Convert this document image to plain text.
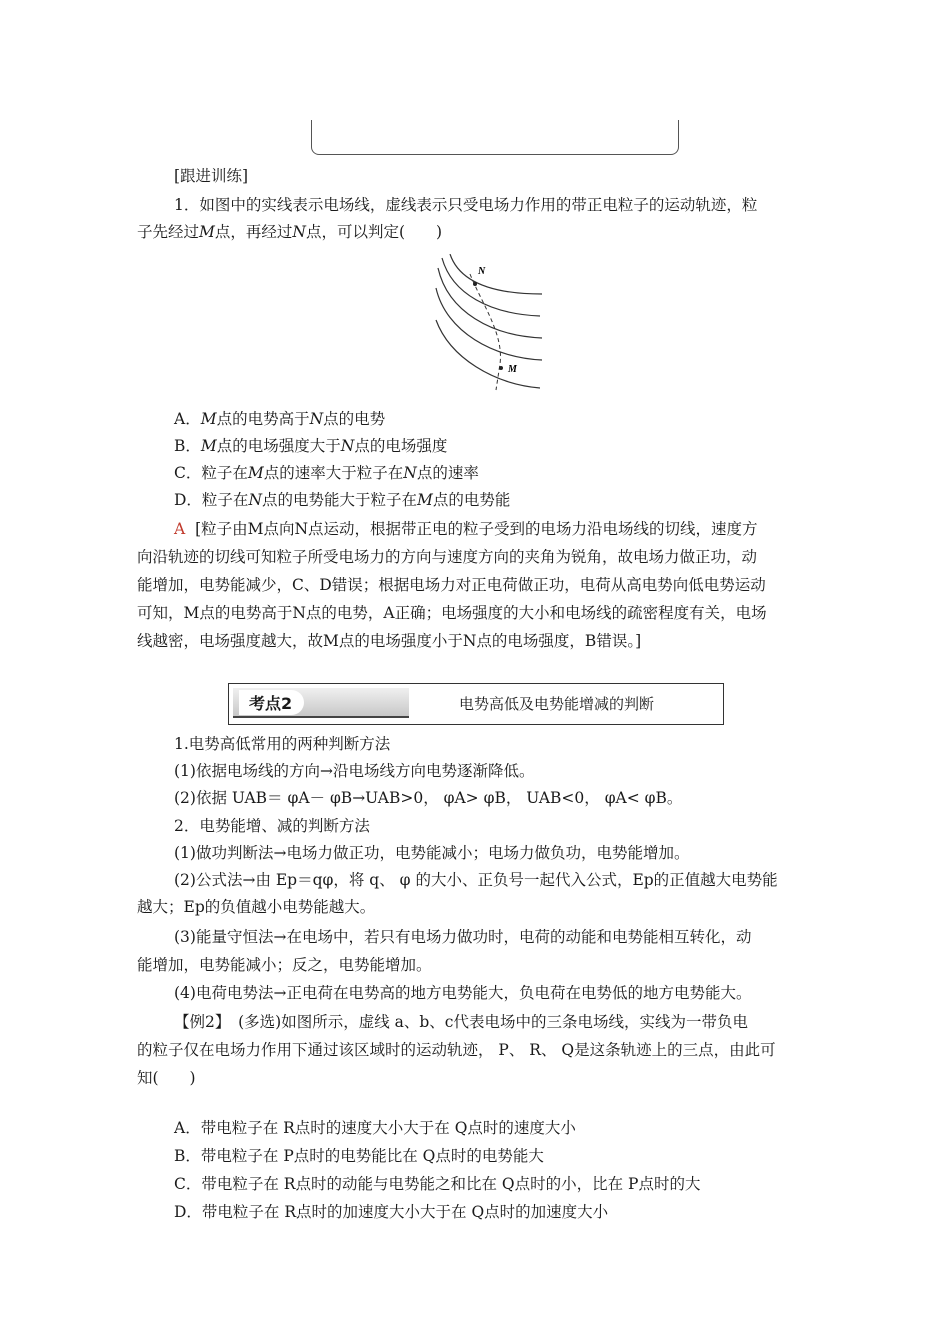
[跟进训练]
1．如图中的实线表示电场线，虚线表示只受电场力作用的带正电粒子的运动轨迹，粒
子先经过M点，再经过N点，可以判定(　　)
N
M
A．M点的电势高于N点的电势
B．M点的电场强度大于N点的电场强度
C．粒子在M点的速率大于粒子在N点的速率
D．粒子在N点的电势能大于粒子在M点的电势能
A [粒子由M点向N点运动，根据带正电的粒子受到的电场力沿电场线的切线，速度方
向沿轨迹的切线可知粒子所受电场力的方向与速度方向的夹角为锐角，故电场力做正功，动
能增加，电势能减少，C、D错误；根据电场力对正电荷做正功，电荷从高电势向低电势运动
可知，M点的电势高于N点的电势，A正确；电场强度的大小和电场线的疏密程度有关，电场
线越密，电场强度越大，故M点的电场强度小于N点的电场强度，B错误。]
考点2	电势高低及电势能增减的判断
1.电势高低常用的两种判断方法
(1)依据电场线的方向→沿电场线方向电势逐渐降低。
(2)依据 UAB＝ φA－ φB→UAB>0， φA> φB， UAB<0， φA< φB。
2．电势能增、减的判断方法
(1)做功判断法→电场力做正功，电势能减小；电场力做负功，电势能增加。
(2)公式法→由 Ep＝qφ，将 q、 φ 的大小、正负号一起代入公式，Ep的正值越大电势能
越大；Ep的负值越小电势能越大。
(3)能量守恒法→在电场中，若只有电场力做功时，电荷的动能和电势能相互转化，动
能增加，电势能减小；反之，电势能增加。
(4)电荷电势法→正电荷在电势高的地方电势能大，负电荷在电势低的地方电势能大。
【例2】　(多选)如图所示，虚线 a、b、c代表电场中的三条电场线，实线为一带负电
的粒子仅在电场力作用下通过该区域时的运动轨迹， P、 R、 Q是这条轨迹上的三点，由此可
知(　　)
A．带电粒子在 R点时的速度大小大于在 Q点时的速度大小
B．带电粒子在 P点时的电势能比在 Q点时的电势能大
C．带电粒子在 R点时的动能与电势能之和比在 Q点时的小，比在 P点时的大
D．带电粒子在 R点时的加速度大小大于在 Q点时的加速度大小
